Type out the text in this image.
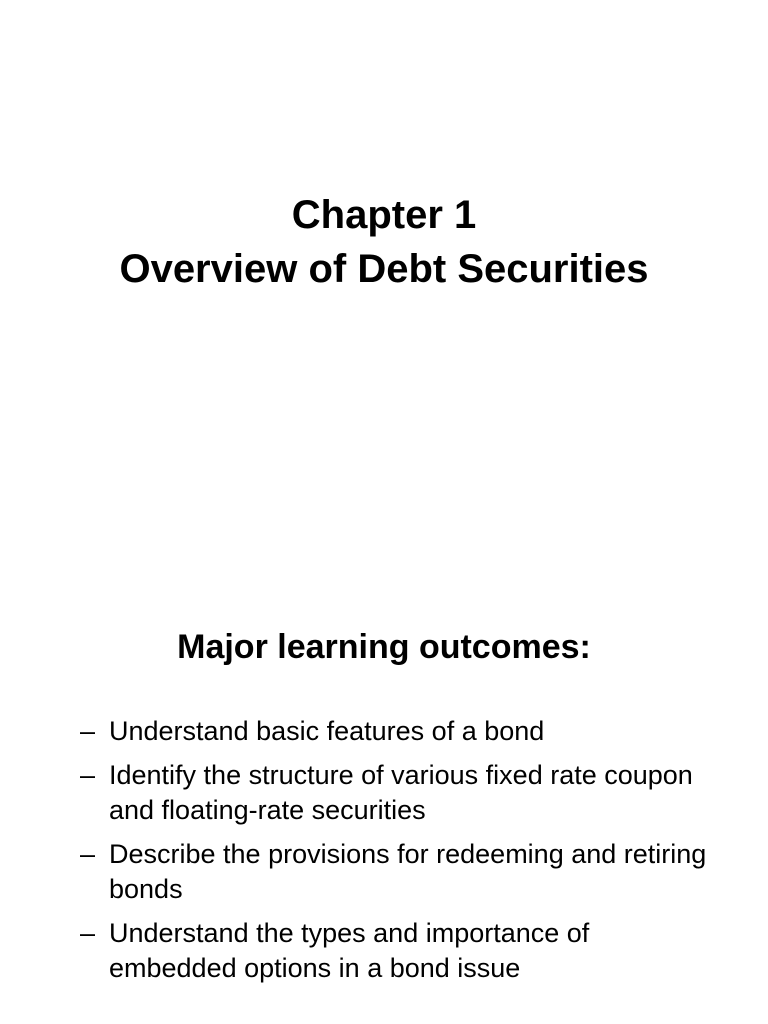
Chapter 1
Overview of Debt Securities
Major learning outcomes:
– Understand basic features of a bond
– Identify the structure of various fixed rate coupon and floating-rate securities
– Describe the provisions for redeeming and retiring bonds
– Understand the types and importance of embedded options in a bond issue
